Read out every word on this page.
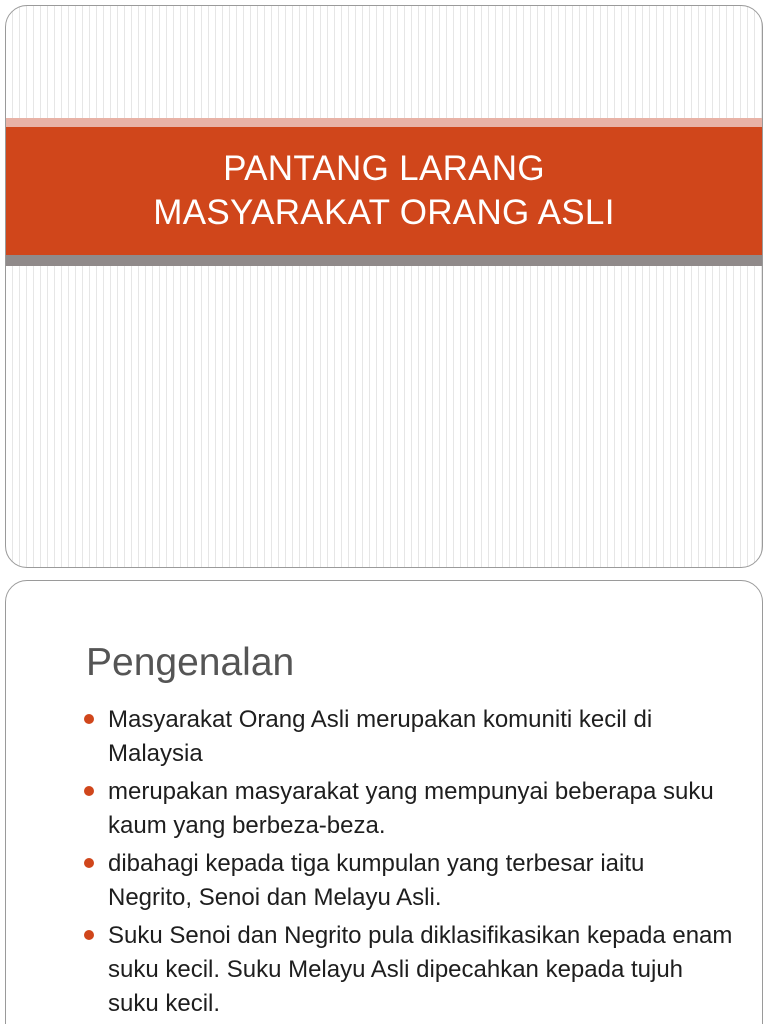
PANTANG LARANG
MASYARAKAT ORANG ASLI
Pengenalan
Masyarakat Orang Asli merupakan komuniti kecil di Malaysia
merupakan masyarakat yang mempunyai beberapa suku kaum yang berbeza-beza.
dibahagi kepada tiga kumpulan yang terbesar iaitu Negrito, Senoi dan Melayu Asli.
Suku Senoi dan Negrito pula diklasifikasikan kepada enam suku kecil. Suku Melayu Asli dipecahkan kepada tujuh suku kecil.
